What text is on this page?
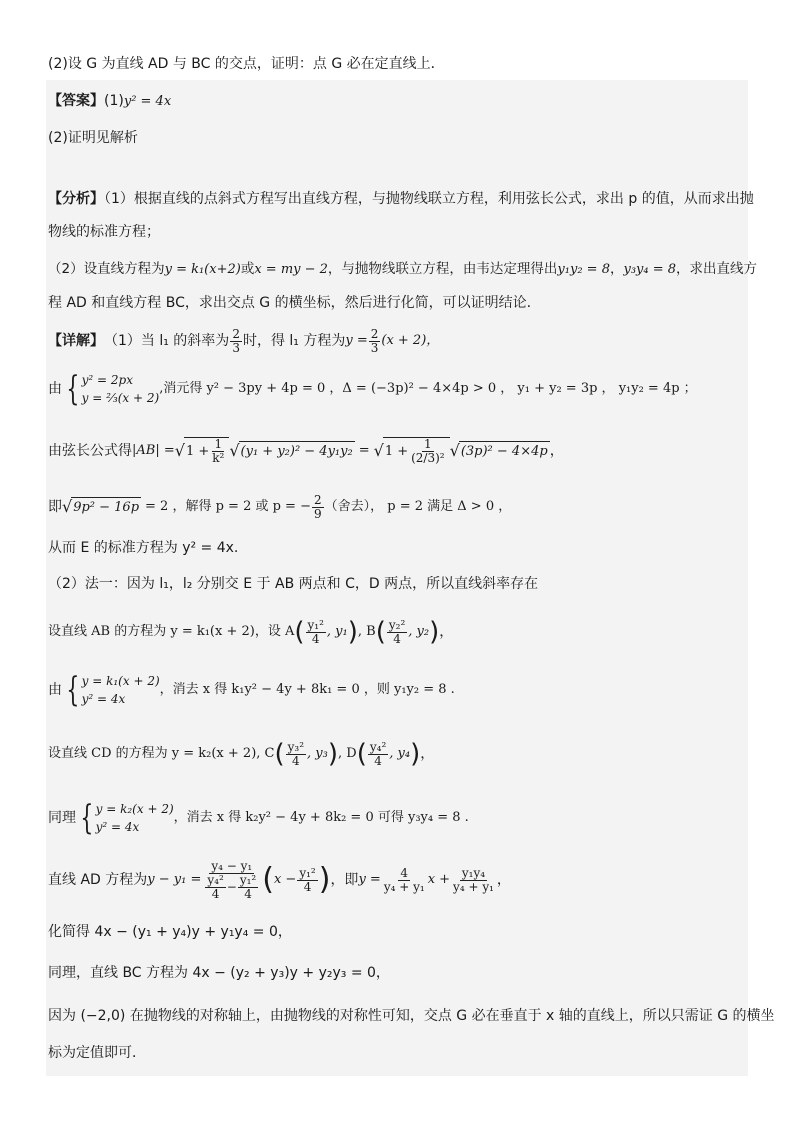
(2)设 G 为直线 AD 与 BC 的交点，证明：点 G 必在定直线上．
【答案】(1)y² = 4x
(2)证明见解析
【分析】（1）根据直线的点斜式方程写出直线方程，与抛物线联立方程，利用弦长公式，求出 p 的值，从而求出抛
物线的标准方程；
（2）设直线方程为y = k₁(x+2)或x = my − 2，与抛物线联立方程，由韦达定理得出y₁y₂ = 8，y₃y₄ = 8，求出直线方
程 AD 和直线方程 BC，求出交点 G 的横坐标，然后进行化简，可以证明结论.
【详解】 （1）当 l₁ 的斜率为 $\frac{2}{3}$ 时，得 l₁ 方程为 $y = \frac{2}{3} (x + 2)$，
由 { y² = 2px
y = ⅔(x + 2)
,消元得 y² − 3py + 4p = 0 ，Δ = (−3p)² − 4×4p > 0 ， y₁ + y₂ = 3p ， y₁y₂ = 4p ；
由弦长公式得 |AB| = √ $1 + \frac{1}{\text{k²}}$ √ (y₁ + y₂)² − 4y₁y₂ = √ $1 + \frac{1}{\text{(2/3)²}}$ √ (3p)² − 4×4p ，
即 √ 9p² − 16p = 2 ，解得 p = 2 或 p = − $\frac{2}{9}$ （舍去）， p = 2 满足 Δ > 0 ，
从而 E 的标准方程为 y² = 4x.
（2）法一：因为 l₁，l₂ 分别交 E 于 AB 两点和 C，D 两点，所以直线斜率存在
设直线 AB 的方程为 y = k₁(x + 2)，设 A ( $\frac{\text{y₁²}}{4}$ , y₁ ) , B ( $\frac{\text{y₂²}}{4}$ , y₂ ) ，
由 { y = k₁(x + 2)
y² = 4x
，消去 x 得 k₁y² − 4y + 8k₁ = 0 ，则 y₁y₂ = 8 .
设直线 CD 的方程为 y = k₂(x + 2), C ( $\frac{\text{y₃²}}{4}$ , y₃ ) , D ( $\frac{\text{y₄²}}{4}$ , y₄ ) ，
同理 { y = k₂(x + 2)
y² = 4x
，消去 x 得 k₂y² − 4y + 8k₂ = 0 可得 y₃y₄ = 8 .
直线 AD 方程为 $y - y_1 = \frac{\text{y₄ − y₁}}{\frac{\text{y₄²}}{4} - \frac{\text{y₁²}}{4}}$ ( $x - \frac{\text{y₁²}}{4}$ ) ，即 $y = \frac{4}{\text{y₄ + y₁}}$ $x + \frac{\text{y₁y₄}}{\text{y₄ + y₁}}$ ，
化简得 4x − (y₁ + y₄)y + y₁y₄ = 0，
同理，直线 BC 方程为 4x − (y₂ + y₃)y + y₂y₃ = 0，
因为 (−2,0) 在抛物线的对称轴上，由抛物线的对称性可知，交点 G 必在垂直于 x 轴的直线上，所以只需证 G 的横坐
标为定值即可．
